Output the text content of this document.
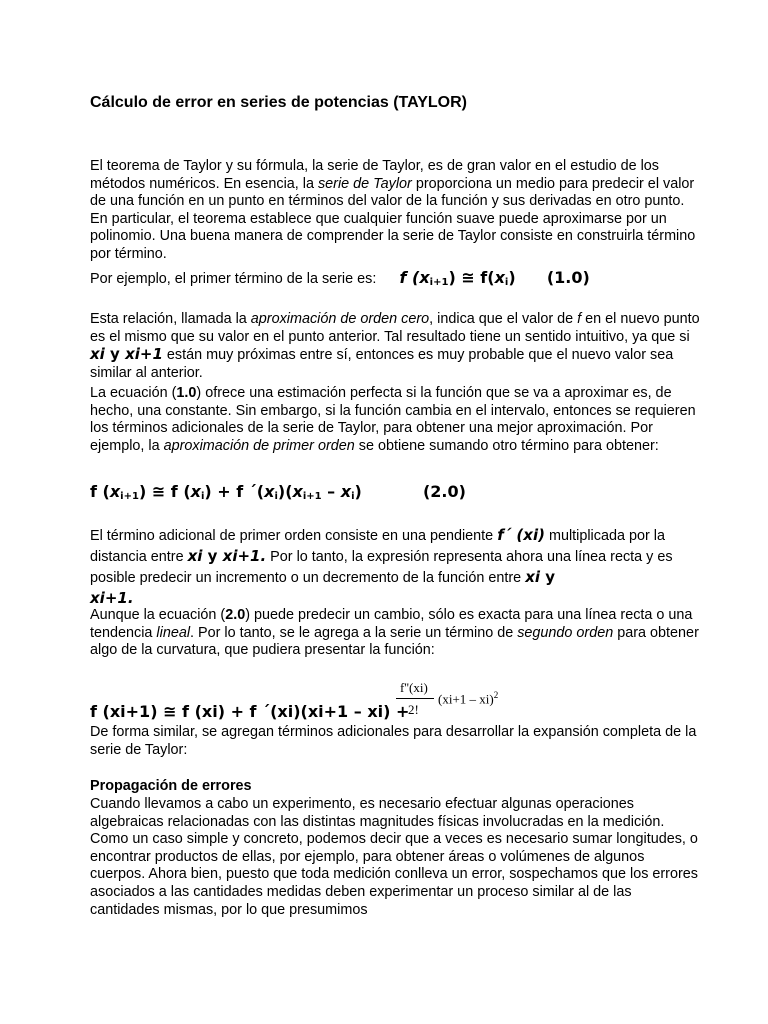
Cálculo de error en series de potencias (TAYLOR)

El teorema de Taylor y su fórmula, la serie de Taylor, es de gran valor en el estudio de los métodos numéricos. En esencia, la serie de Taylor proporciona un medio para predecir el valor de una función en un punto en términos del valor de la función y sus derivadas en otro punto. En particular, el teorema establece que cualquier función suave puede aproximarse por un polinomio. Una buena manera de comprender la serie de Taylor consiste en construirla término por término.

Por ejemplo, el primer término de la serie es: f $(x_{i+1})$ ≅ $f(x_i)$ (1.0)

Esta relación, llamada la aproximación de orden cero, indica que el valor de f en el nuevo punto es el mismo que su valor en el punto anterior. Tal resultado tiene un sentido intuitivo, ya que si xi y xi+1 están muy próximas entre sí, entonces es muy probable que el nuevo valor sea similar al anterior.

La ecuación (1.0) ofrece una estimación perfecta si la función que se va a aproximar es, de hecho, una constante. Sin embargo, si la función cambia en el intervalo, entonces se requieren los términos adicionales de la serie de Taylor, para obtener una mejor aproximación. Por ejemplo, la aproximación de primer orden se obtiene sumando otro término para obtener:

f $(x_{i+1})$ ≅ f $(x_i) + f$ $´(x_i)(x_{i+1} - x_i)$	(2.0)

El término adicional de primer orden consiste en una pendiente f´ (xi) multiplicada por la distancia entre xi y xi+1. Por lo tanto, la expresión representa ahora una línea recta y es posible predecir un incremento o un decremento de la función entre xi y
xi+1.

Aunque la ecuación (2.0) puede predecir un cambio, sólo es exacta para una línea recta o una tendencia lineal. Por lo tanto, se le agrega a la serie un término de segundo orden para obtener algo de la curvatura, que pudiera presentar la función:

f (xi+1) ≅ f (xi) + f ´(xi)(xi+1 – xi) +
f''(xi)
2!
(xi+1 – xi)$^2$

De forma similar, se agregan términos adicionales para desarrollar la expansión completa de la serie de Taylor:

Propagación de errores

Cuando llevamos a cabo un experimento, es necesario efectuar algunas operaciones algebraicas relacionadas con las distintas magnitudes físicas involucradas en la medición. Como un caso simple y concreto, podemos decir que a veces es necesario sumar longitudes, o encontrar productos de ellas, por ejemplo, para obtener áreas o volúmenes de algunos cuerpos. Ahora bien, puesto que toda medición conlleva un error, sospechamos que los errores asociados a las cantidades medidas deben experimentar un proceso similar al de las cantidades mismas, por lo que presumimos
